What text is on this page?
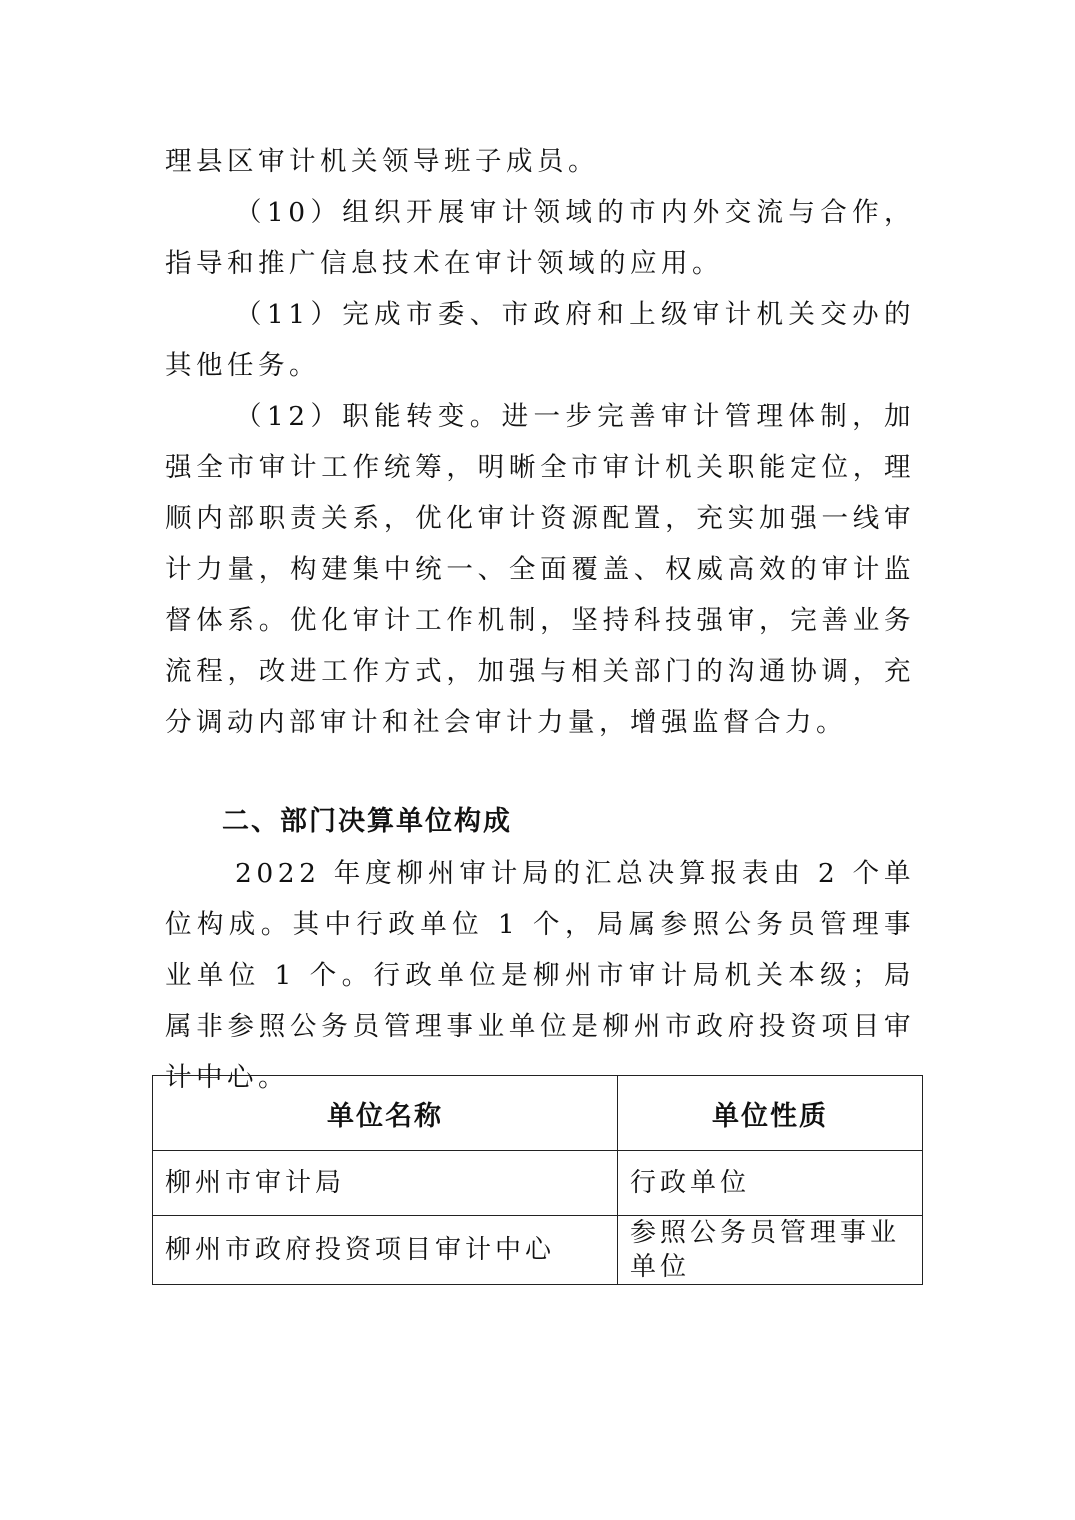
理县区审计机关领导班子成员。

（10）组织开展审计领域的市内外交流与合作，指导和推广信息技术在审计领域的应用。

（11）完成市委、市政府和上级审计机关交办的其他任务。

（12）职能转变。进一步完善审计管理体制，加强全市审计工作统筹，明晰全市审计机关职能定位，理顺内部职责关系，优化审计资源配置，充实加强一线审计力量，构建集中统一、全面覆盖、权威高效的审计监督体系。优化审计工作机制，坚持科技强审，完善业务流程，改进工作方式，加强与相关部门的沟通协调，充分调动内部审计和社会审计力量，增强监督合力。

二、部门决算单位构成

2022 年度柳州审计局的汇总决算报表由 2 个单位构成。其中行政单位 1 个，局属参照公务员管理事业单位 1 个。行政单位是柳州市审计局机关本级；局属非参照公务员管理事业单位是柳州市政府投资项目审计中心。

单位名称	单位性质
柳州市审计局	行政单位
柳州市政府投资项目审计中心	参照公务员管理事业单位
